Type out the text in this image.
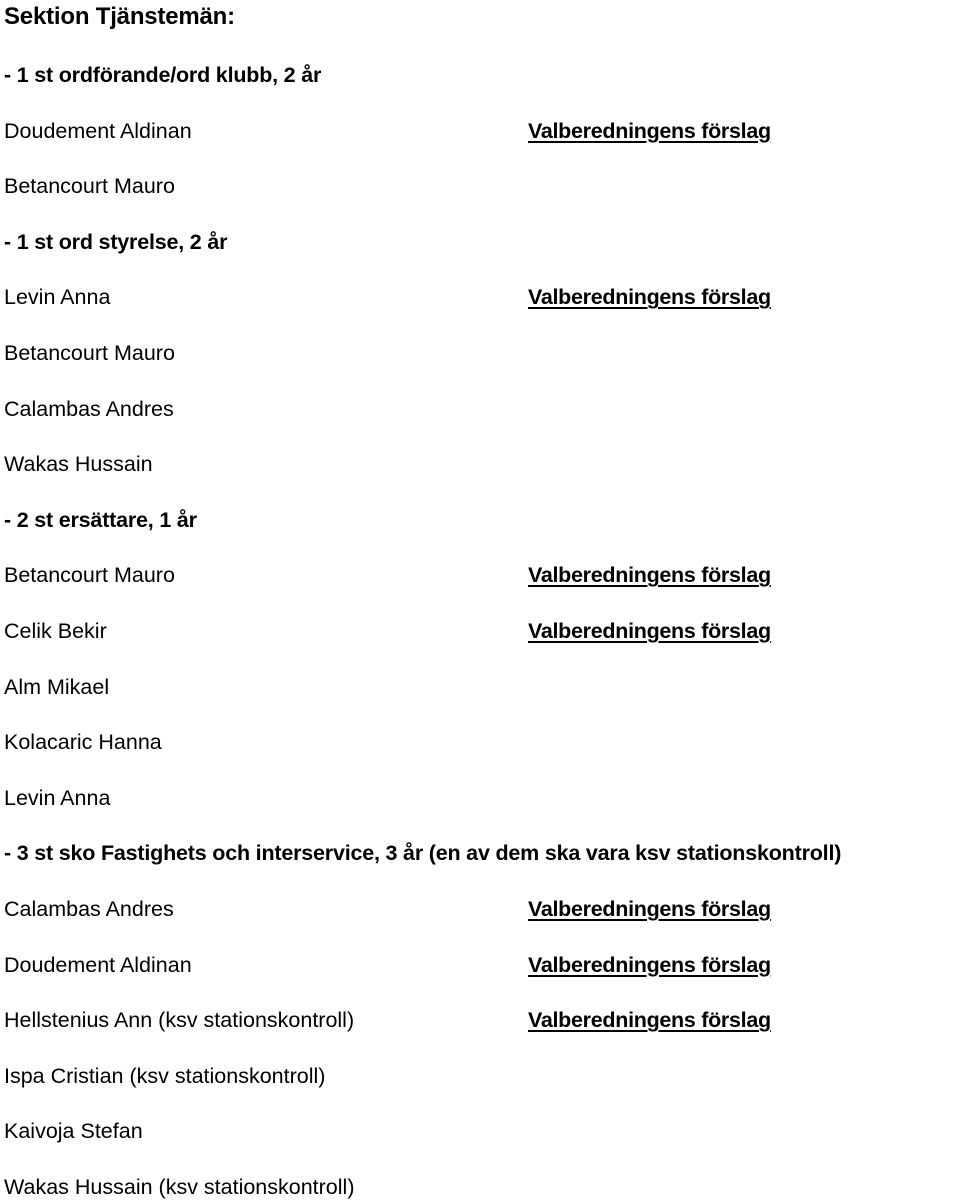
Sektion Tjänstemän:
- 1 st ordförande/ord klubb, 2 år
Doudement Aldinan	Valberedningens förslag
Betancourt Mauro
- 1 st ord styrelse, 2 år
Levin Anna	Valberedningens förslag
Betancourt Mauro
Calambas Andres
Wakas Hussain
- 2 st ersättare, 1 år
Betancourt Mauro	Valberedningens förslag
Celik Bekir	Valberedningens förslag
Alm Mikael
Kolacaric Hanna
Levin Anna
- 3 st sko Fastighets och interservice, 3 år (en av dem ska vara ksv stationskontroll)
Calambas Andres	Valberedningens förslag
Doudement Aldinan	Valberedningens förslag
Hellstenius Ann (ksv stationskontroll)	Valberedningens förslag
Ispa Cristian (ksv stationskontroll)
Kaivoja Stefan
Wakas Hussain (ksv stationskontroll)
